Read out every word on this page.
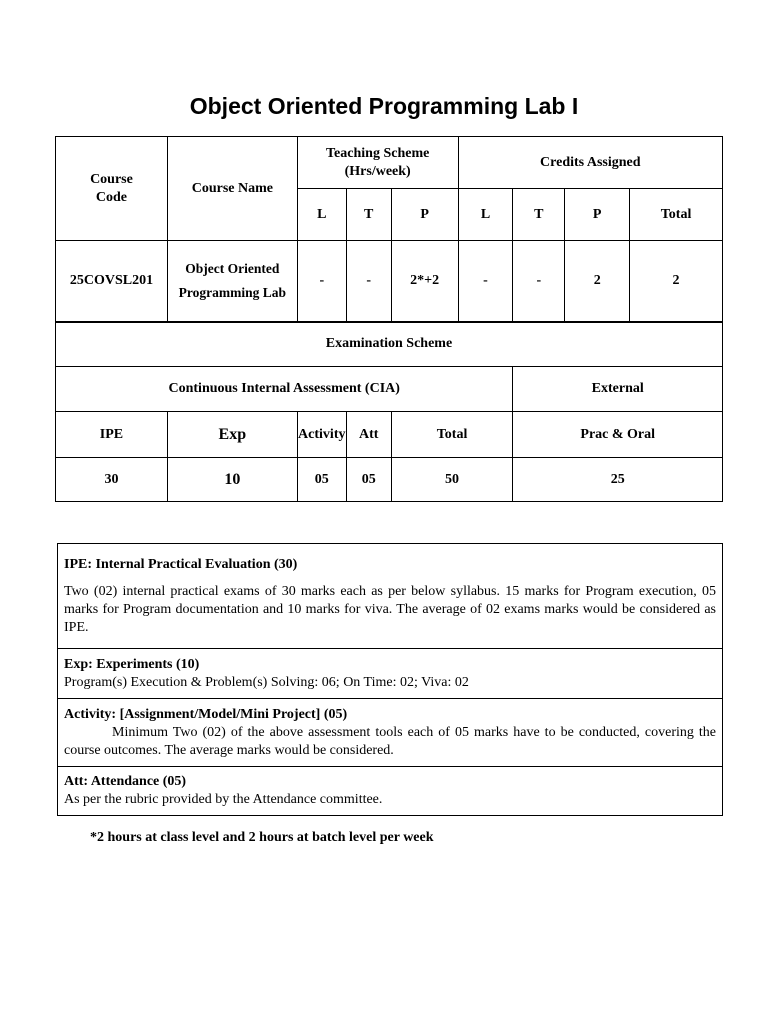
Object Oriented Programming Lab I
Course Code	Course Name	Teaching Scheme (Hrs/week)			Credits Assigned			
		L	T	P	L	T	P	Total
25COVSL201	Object Oriented Programming Lab	-	-	2*+2	-	-	2	2
Examination Scheme								
Continuous Internal Assessment (CIA)						External		
IPE	Exp	Activity	Att	Total		Prac & Oral		
30	10	05	05	50		25		
IPE: Internal Practical Evaluation (30)
Two (02) internal practical exams of 30 marks each as per below syllabus. 15 marks for Program execution, 05 marks for Program documentation and 10 marks for viva. The average of 02 exams marks would be considered as IPE.

Exp: Experiments (10)
Program(s) Execution & Problem(s) Solving: 06; On Time: 02; Viva: 02

Activity: [Assignment/Model/Mini Project] (05)
Minimum Two (02) of the above assessment tools each of 05 marks have to be conducted, covering the course outcomes. The average marks would be considered.

Att: Attendance (05)
As per the rubric provided by the Attendance committee.
*2 hours at class level and 2 hours at batch level per week
